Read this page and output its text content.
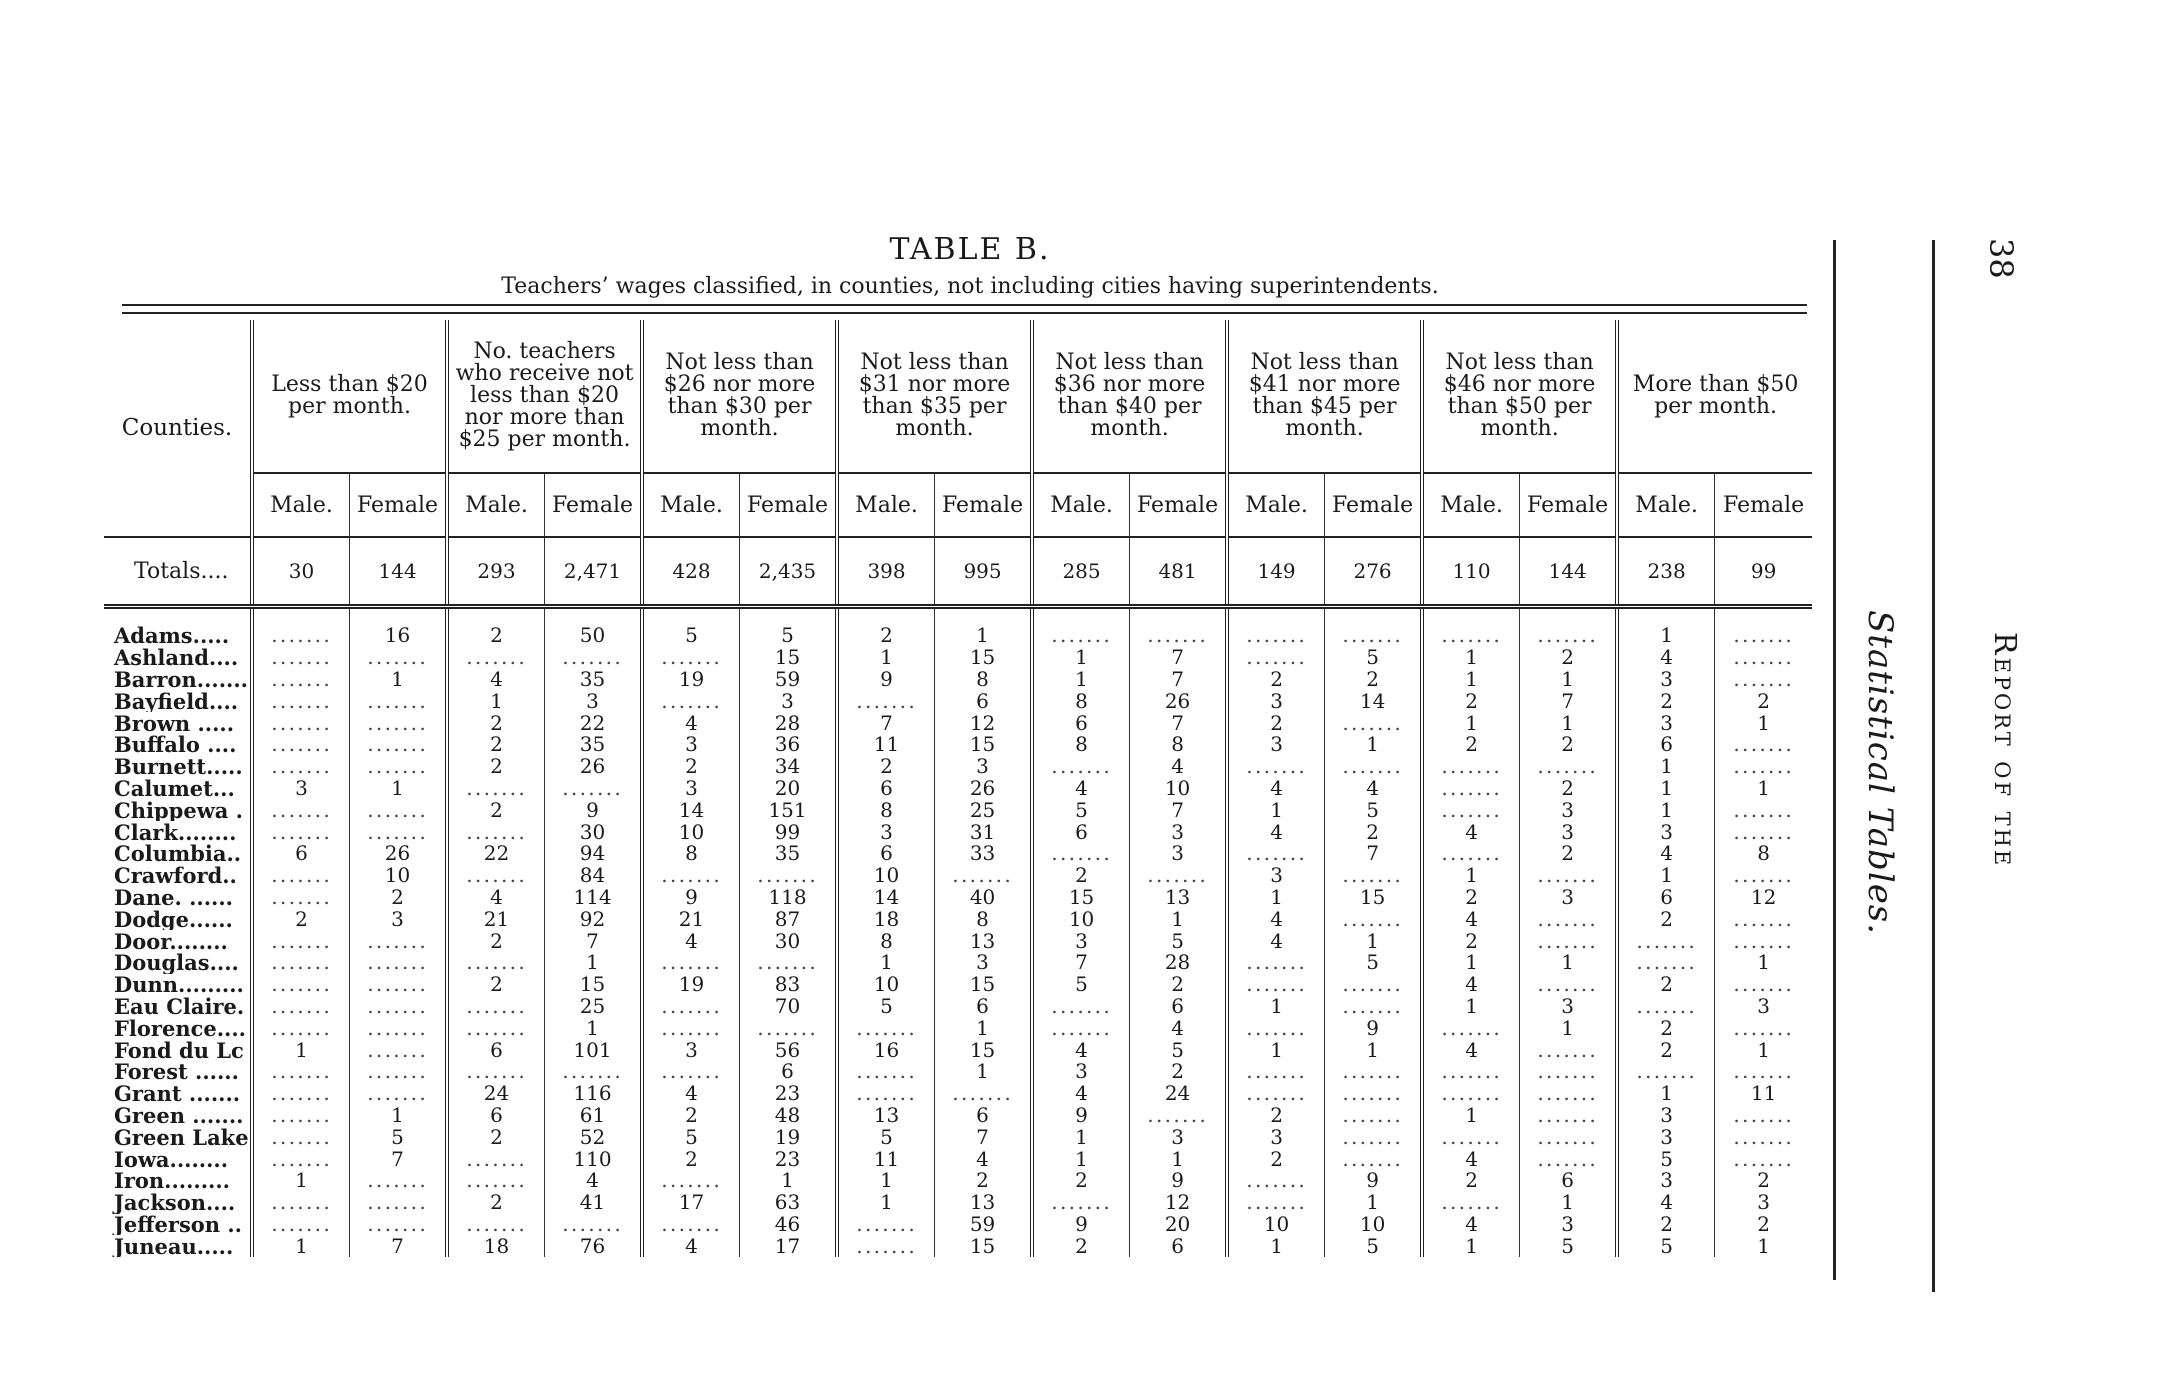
TABLE B.
Teachers’ wages classified, in counties, not including cities having superintendents.
Counties.	Less than $20 per month.		No. teachers who receive not less than $20 nor more than $25 per month.		Not less than $26 nor more than $30 per month.		Not less than $31 nor more than $35 per month.		Not less than $36 nor more than $40 per month.		Not less than $41 nor more than $45 per month.		Not less than $46 nor more than $50 per month.		More than $50 per month.	
	Male.	Female	Male.	Female	Male.	Female	Male.	Female	Male.	Female	Male.	Female	Male.	Female	Male.	Female
Totals....	30	144	293	2,471	428	2,435	398	995	285	481	149	276	110	144	238	99

Adams.....	․․․․․․․	16	2	50	5	5	2	1	․․․․․․․	․․․․․․․	․․․․․․․	․․․․․․․	․․․․․․․	․․․․․․․	1	․․․․․․․
Ashland....	․․․․․․․	․․․․․․․	․․․․․․․	․․․․․․․	․․․․․․․	15	1	15	1	7	․․․․․․․	5	1	2	4	․․․․․․․
Barron.......	․․․․․․․	1	4	35	19	59	9	8	1	7	2	2	1	1	3	․․․․․․․
Bayfield....	․․․․․․․	․․․․․․․	1	3	․․․․․․․	3	․․․․․․․	6	8	26	3	14	2	7	2	2
Brown .....	․․․․․․․	․․․․․․․	2	22	4	28	7	12	6	7	2	․․․․․․․	1	1	3	1
Buffalo ....	․․․․․․․	․․․․․․․	2	35	3	36	11	15	8	8	3	1	2	2	6	․․․․․․․
Burnett.....	․․․․․․․	․․․․․․․	2	26	2	34	2	3	․․․․․․․	4	․․․․․․․	․․․․․․․	․․․․․․․	․․․․․․․	1	․․․․․․․
Calumet...	3	1	․․․․․․․	․․․․․․․	3	20	6	26	4	10	4	4	․․․․․․․	2	1	1
Chippewa .	․․․․․․․	․․․․․․․	2	9	14	151	8	25	5	7	1	5	․․․․․․․	3	1	․․․․․․․
Clark........	․․․․․․․	․․․․․․․	․․․․․․․	30	10	99	3	31	6	3	4	2	4	3	3	․․․․․․․
Columbia..	6	26	22	94	8	35	6	33	․․․․․․․	3	․․․․․․․	7	․․․․․․․	2	4	8
Crawford..	․․․․․․․	10	․․․․․․․	84	․․․․․․․	․․․․․․․	10	․․․․․․․	2	․․․․․․․	3	․․․․․․․	1	․․․․․․․	1	․․․․․․․
Dane. ......	․․․․․․․	2	4	114	9	118	14	40	15	13	1	15	2	3	6	12
Dodge......	2	3	21	92	21	87	18	8	10	1	4	․․․․․․․	4	․․․․․․․	2	․․․․․․․
Door........	․․․․․․․	․․․․․․․	2	7	4	30	8	13	3	5	4	1	2	․․․․․․․	․․․․․․․	․․․․․․․
Douglas....	․․․․․․․	․․․․․․․	․․․․․․․	1	․․․․․․․	․․․․․․․	1	3	7	28	․․․․․․․	5	1	1	․․․․․․․	1
Dunn.........	․․․․․․․	․․․․․․․	2	15	19	83	10	15	5	2	․․․․․․․	․․․․․․․	4	․․․․․․․	2	․․․․․․․
Eau Claire.	․․․․․․․	․․․․․․․	․․․․․․․	25	․․․․․․․	70	5	6	․․․․․․․	6	1	․․․․․․․	1	3	․․․․․․․	3
Florence....	․․․․․․․	․․․․․․․	․․․․․․․	1	․․․․․․․	․․․․․․․	․․․․․․․	1	․․․․․․․	4	․․․․․․․	9	․․․․․․․	1	2	․․․․․․․
Fond du Lc	1	․․․․․․․	6	101	3	56	16	15	4	5	1	1	4	․․․․․․․	2	1
Forest ......	․․․․․․․	․․․․․․․	․․․․․․․	․․․․․․․	․․․․․․․	6	․․․․․․․	1	3	2	․․․․․․․	․․․․․․․	․․․․․․․	․․․․․․․	․․․․․․․	․․․․․․․
Grant .......	․․․․․․․	․․․․․․․	24	116	4	23	․․․․․․․	․․․․․․․	4	24	․․․․․․․	․․․․․․․	․․․․․․․	․․․․․․․	1	11
Green .......	․․․․․․․	1	6	61	2	48	13	6	9	․․․․․․․	2	․․․․․․․	1	․․․․․․․	3	․․․․․․․
Green Lake	․․․․․․․	5	2	52	5	19	5	7	1	3	3	․․․․․․․	․․․․․․․	․․․․․․․	3	․․․․․․․
Iowa........	․․․․․․․	7	․․․․․․․	110	2	23	11	4	1	1	2	․․․․․․․	4	․․․․․․․	5	․․․․․․․
Iron.........	1	․․․․․․․	․․․․․․․	4	․․․․․․․	1	1	2	2	9	․․․․․․․	9	2	6	3	2
Jackson....	․․․․․․․	․․․․․․․	2	41	17	63	1	13	․․․․․․․	12	․․․․․․․	1	․․․․․․․	1	4	3
Jefferson ..	․․․․․․․	․․․․․․․	․․․․․․․	․․․․․․․	․․․․․․․	46	․․․․․․․	59	9	20	10	10	4	3	2	2
Juneau.....	1	7	18	76	4	17	․․․․․․․	15	2	6	1	5	1	5	5	1
Statistical Tables.	Report of the
38
